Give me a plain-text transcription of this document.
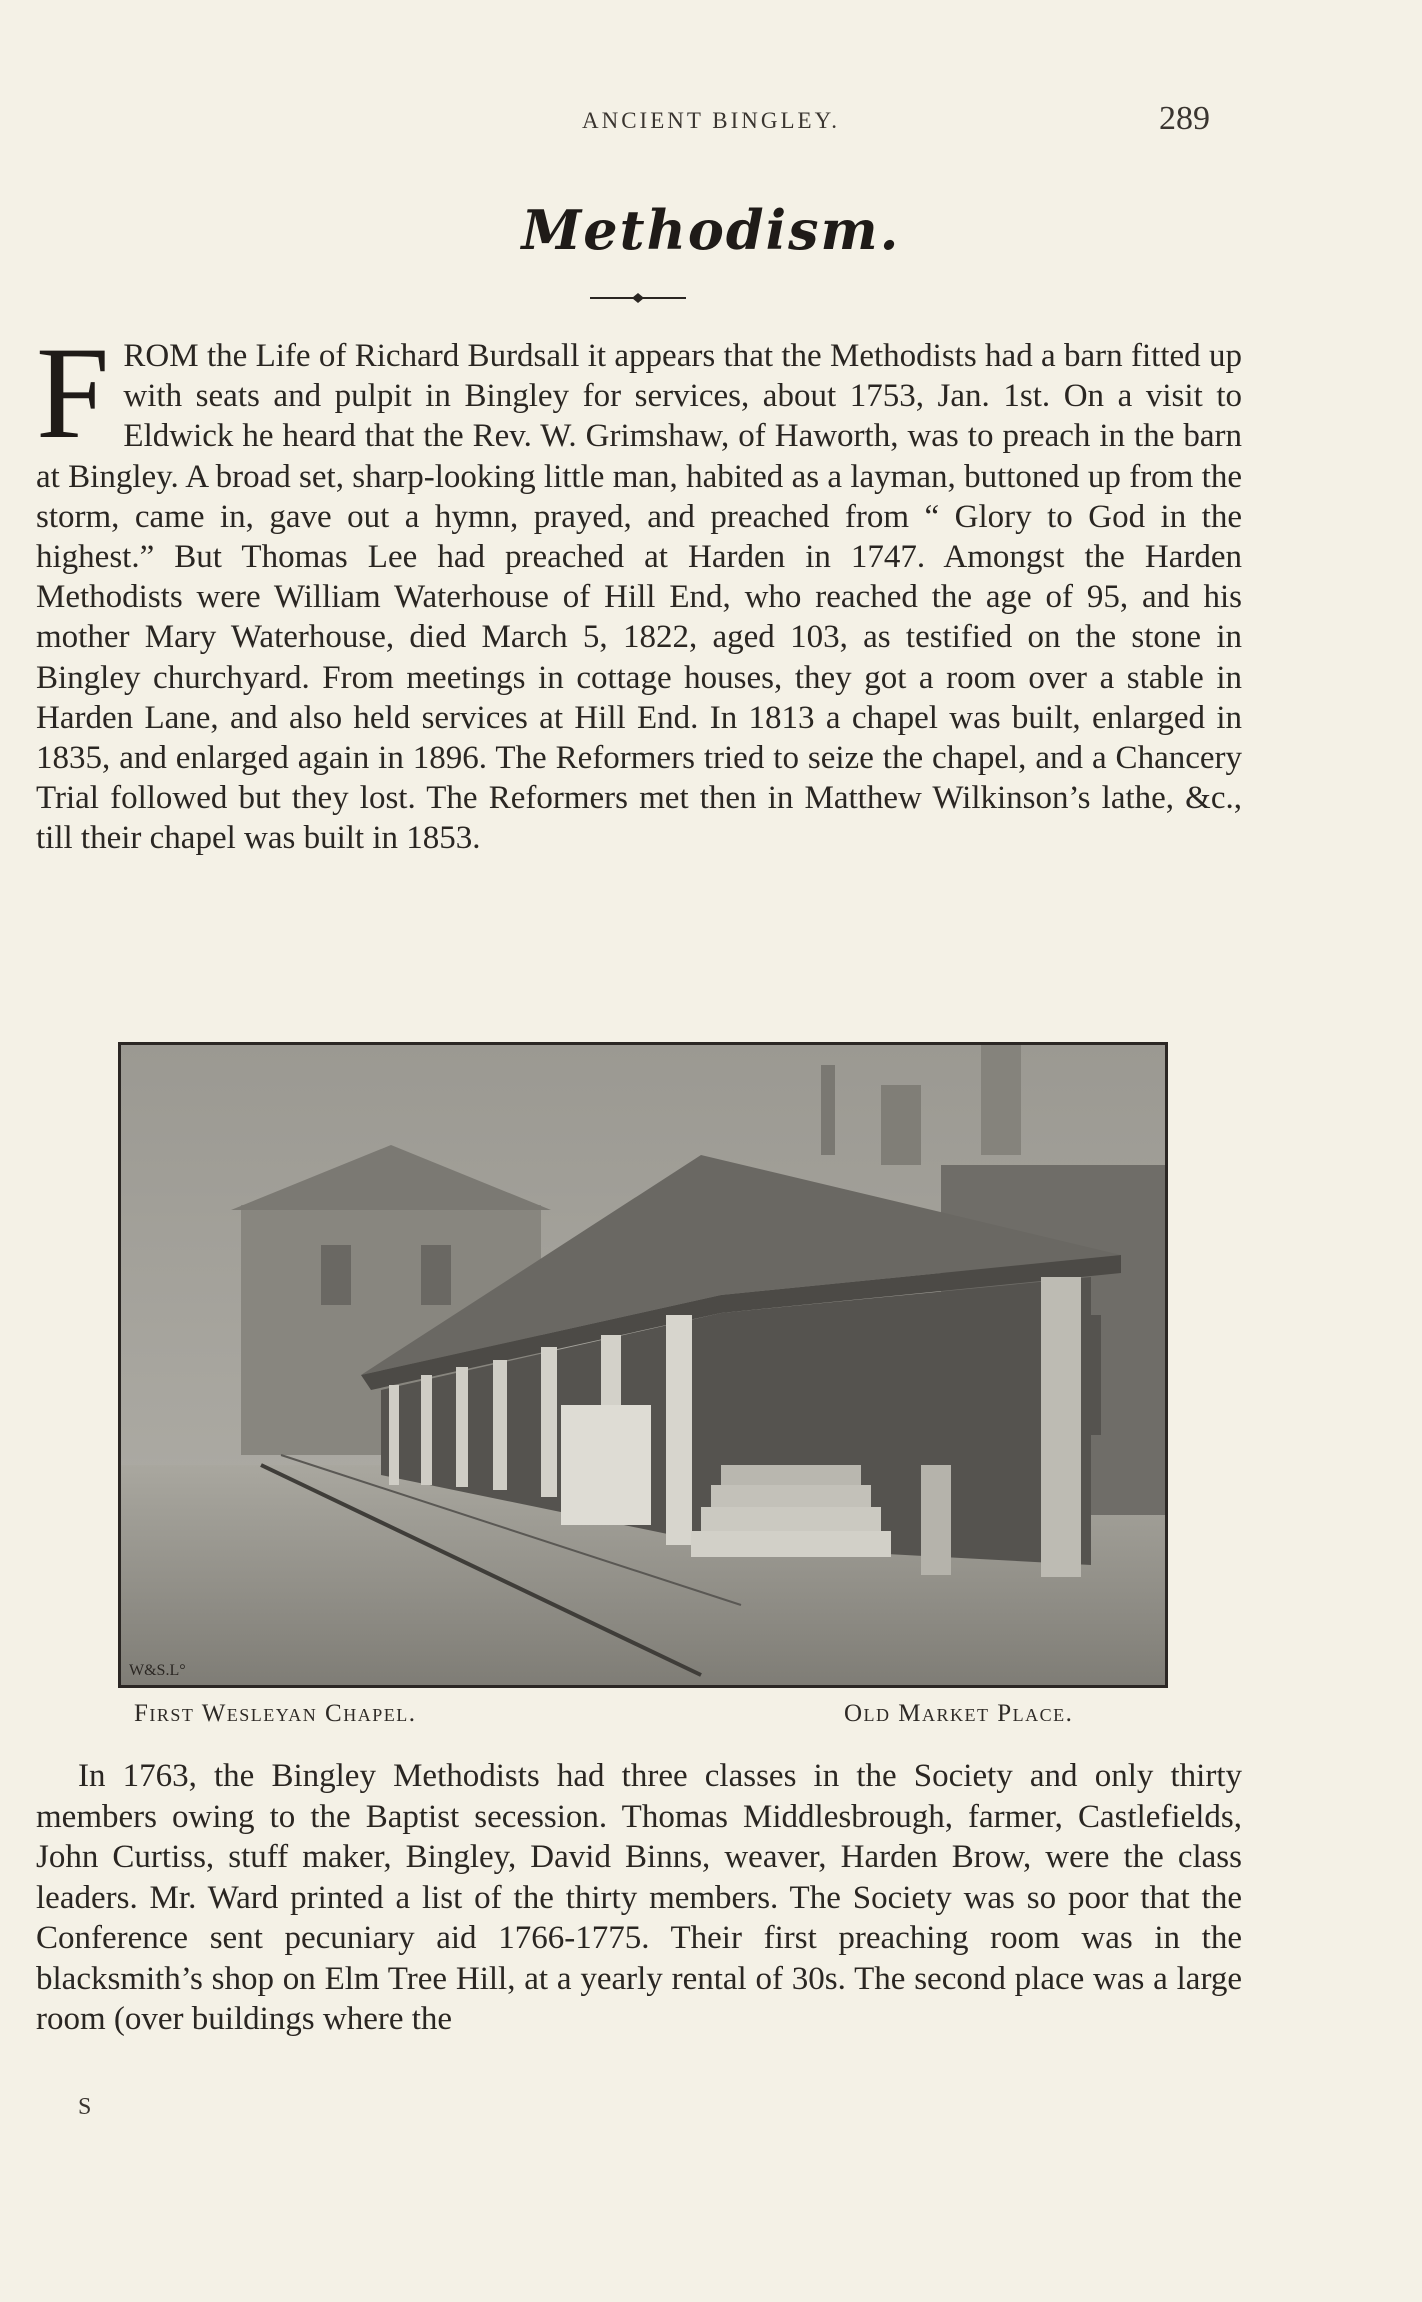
ANCIENT BINGLEY.	289
Methodism.
F ROM the Life of Richard Burdsall it appears that the Methodists had a barn fitted up with seats and pulpit in Bingley for services, about 1753, Jan. 1st. On a visit to Eldwick he heard that the Rev. W. Grimshaw, of Haworth, was to preach in the barn at Bingley. A broad set, sharp-looking little man, habited as a layman, buttoned up from the storm, came in, gave out a hymn, prayed, and preached from “ Glory to God in the highest.” But Thomas Lee had preached at Harden in 1747. Amongst the Harden Methodists were William Waterhouse of Hill End, who reached the age of 95, and his mother Mary Waterhouse, died March 5, 1822, aged 103, as testified on the stone in Bingley churchyard. From meetings in cottage houses, they got a room over a stable in Harden Lane, and also held services at Hill End. In 1813 a chapel was built, enlarged in 1835, and enlarged again in 1896. The Reformers tried to seize the chapel, and a Chancery Trial followed but they lost. The Reformers met then in Matthew Wilkinson’s lathe, &c., till their chapel was built in 1853.
W&S.L°
First Wesleyan Chapel.	Old Market Place.
In 1763, the Bingley Methodists had three classes in the Society and only thirty members owing to the Baptist secession. Thomas Middlesbrough, farmer, Castlefields, John Curtiss, stuff maker, Bingley, David Binns, weaver, Harden Brow, were the class leaders. Mr. Ward printed a list of the thirty members. The Society was so poor that the Conference sent pecuniary aid 1766-1775. Their first preaching room was in the blacksmith’s shop on Elm Tree Hill, at a yearly rental of 30s. The second place was a large room (over buildings where the
S
